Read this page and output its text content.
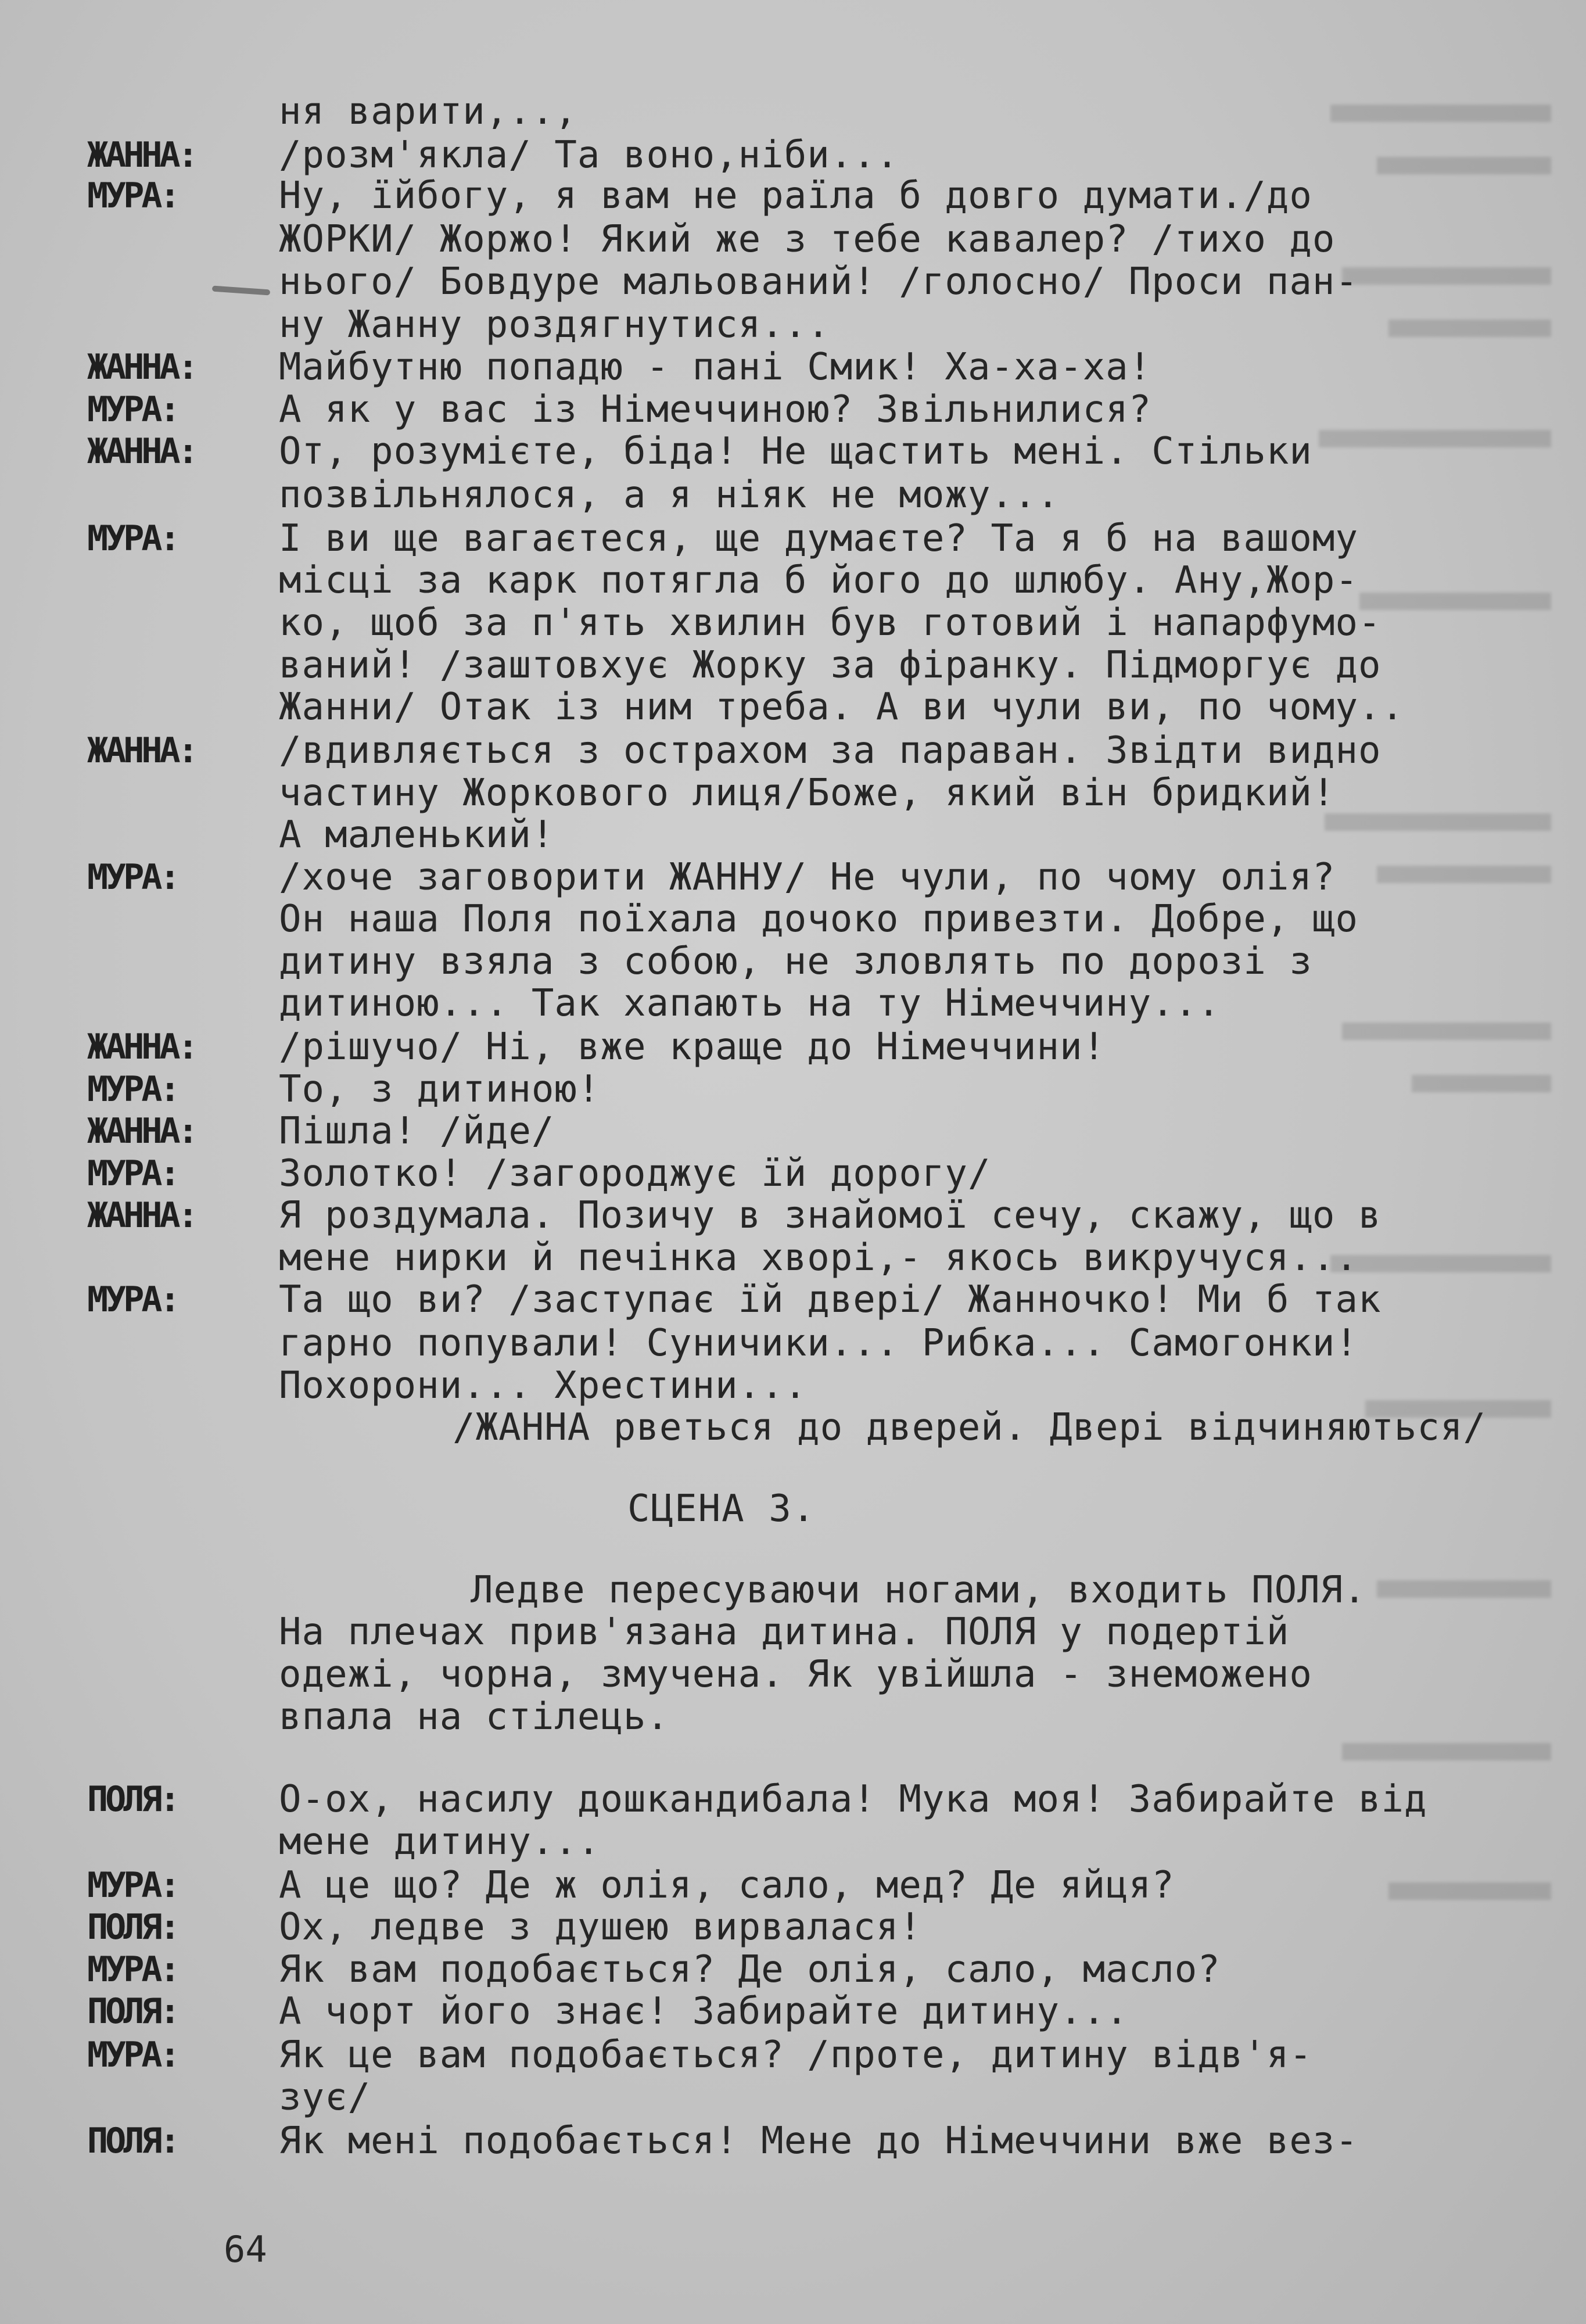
ня варити,..,
ЖАННА: /розм'якла/ Та воно,ніби...
МУРА:	Ну, їйбогу, я вам не раїла б довго думати./до
ЖОРКИ/ Жоржо! Який же з тебе кавалер? /тихо до
нього/ Бовдуре мальований! /голосно/ Проси пан-
ну Жанну роздягнутися...
ЖАННА: Майбутню попадю - пані Смик! Ха-ха-ха!
МУРА:	А як у вас із Німеччиною? Звільнилися?
ЖАННА: От, розумієте, біда! Не щастить мені. Стільки
позвільнялося, а я ніяк не можу...
МУРА:	І ви ще вагаєтеся, ще думаєте? Та я б на вашому
місці за карк потягла б його до шлюбу. Ану,Жор-
ко, щоб за п'ять хвилин був готовий і напарфумо-
ваний! /заштовхує Жорку за фіранку. Підморгує до
Жанни/ Отак із ним треба. А ви чули ви, по чому..
ЖАННА: /вдивляється з острахом за параван. Звідти видно
частину Жоркового лиця/Боже, який він бридкий!
А маленький!
МУРА:	/хоче заговорити ЖАННУ/ Не чули, по чому олія?
Он наша Поля поїхала дочоко привезти. Добре, що
дитину взяла з собою, не зловлять по дорозі з
дитиною... Так хапають на ту Німеччину...
ЖАННА: /рішучо/ Ні, вже краще до Німеччини!
МУРА:	То, з дитиною!
ЖАННА: Пішла! /йде/
МУРА:	Золотко! /загороджує їй дорогу/
ЖАННА: Я роздумала. Позичу в знайомої сечу, скажу, що в
мене нирки й печінка хворі,- якось викручуся...
МУРА:	Та що ви? /заступає їй двері/ Жанночко! Ми б так
гарно попували! Суничики... Рибка... Самогонки!
Похорони... Хрестини...
/ЖАННА рветься до дверей. Двері відчиняються/
Ледве пересуваючи ногами, входить ПОЛЯ.
На плечах прив'язана дитина. ПОЛЯ у подертій
одежі, чорна, змучена. Як увійшла - знеможено
впала на стілець.
ПОЛЯ:	О-ох, насилу дошкандибала! Мука моя! Забирайте від
мене дитину...
МУРА:	А це що? Де ж олія, сало, мед? Де яйця?
ПОЛЯ:	Ох, ледве з душею вирвалася!
МУРА:	Як вам подобається? Де олія, сало, масло?
ПОЛЯ:	А чорт його знає! Забирайте дитину...
МУРА:	Як це вам подобається? /проте, дитину відв'я-
зує/
ПОЛЯ:	Як мені подобається! Мене до Німеччини вже вез-
СЦЕНА 3.
64
